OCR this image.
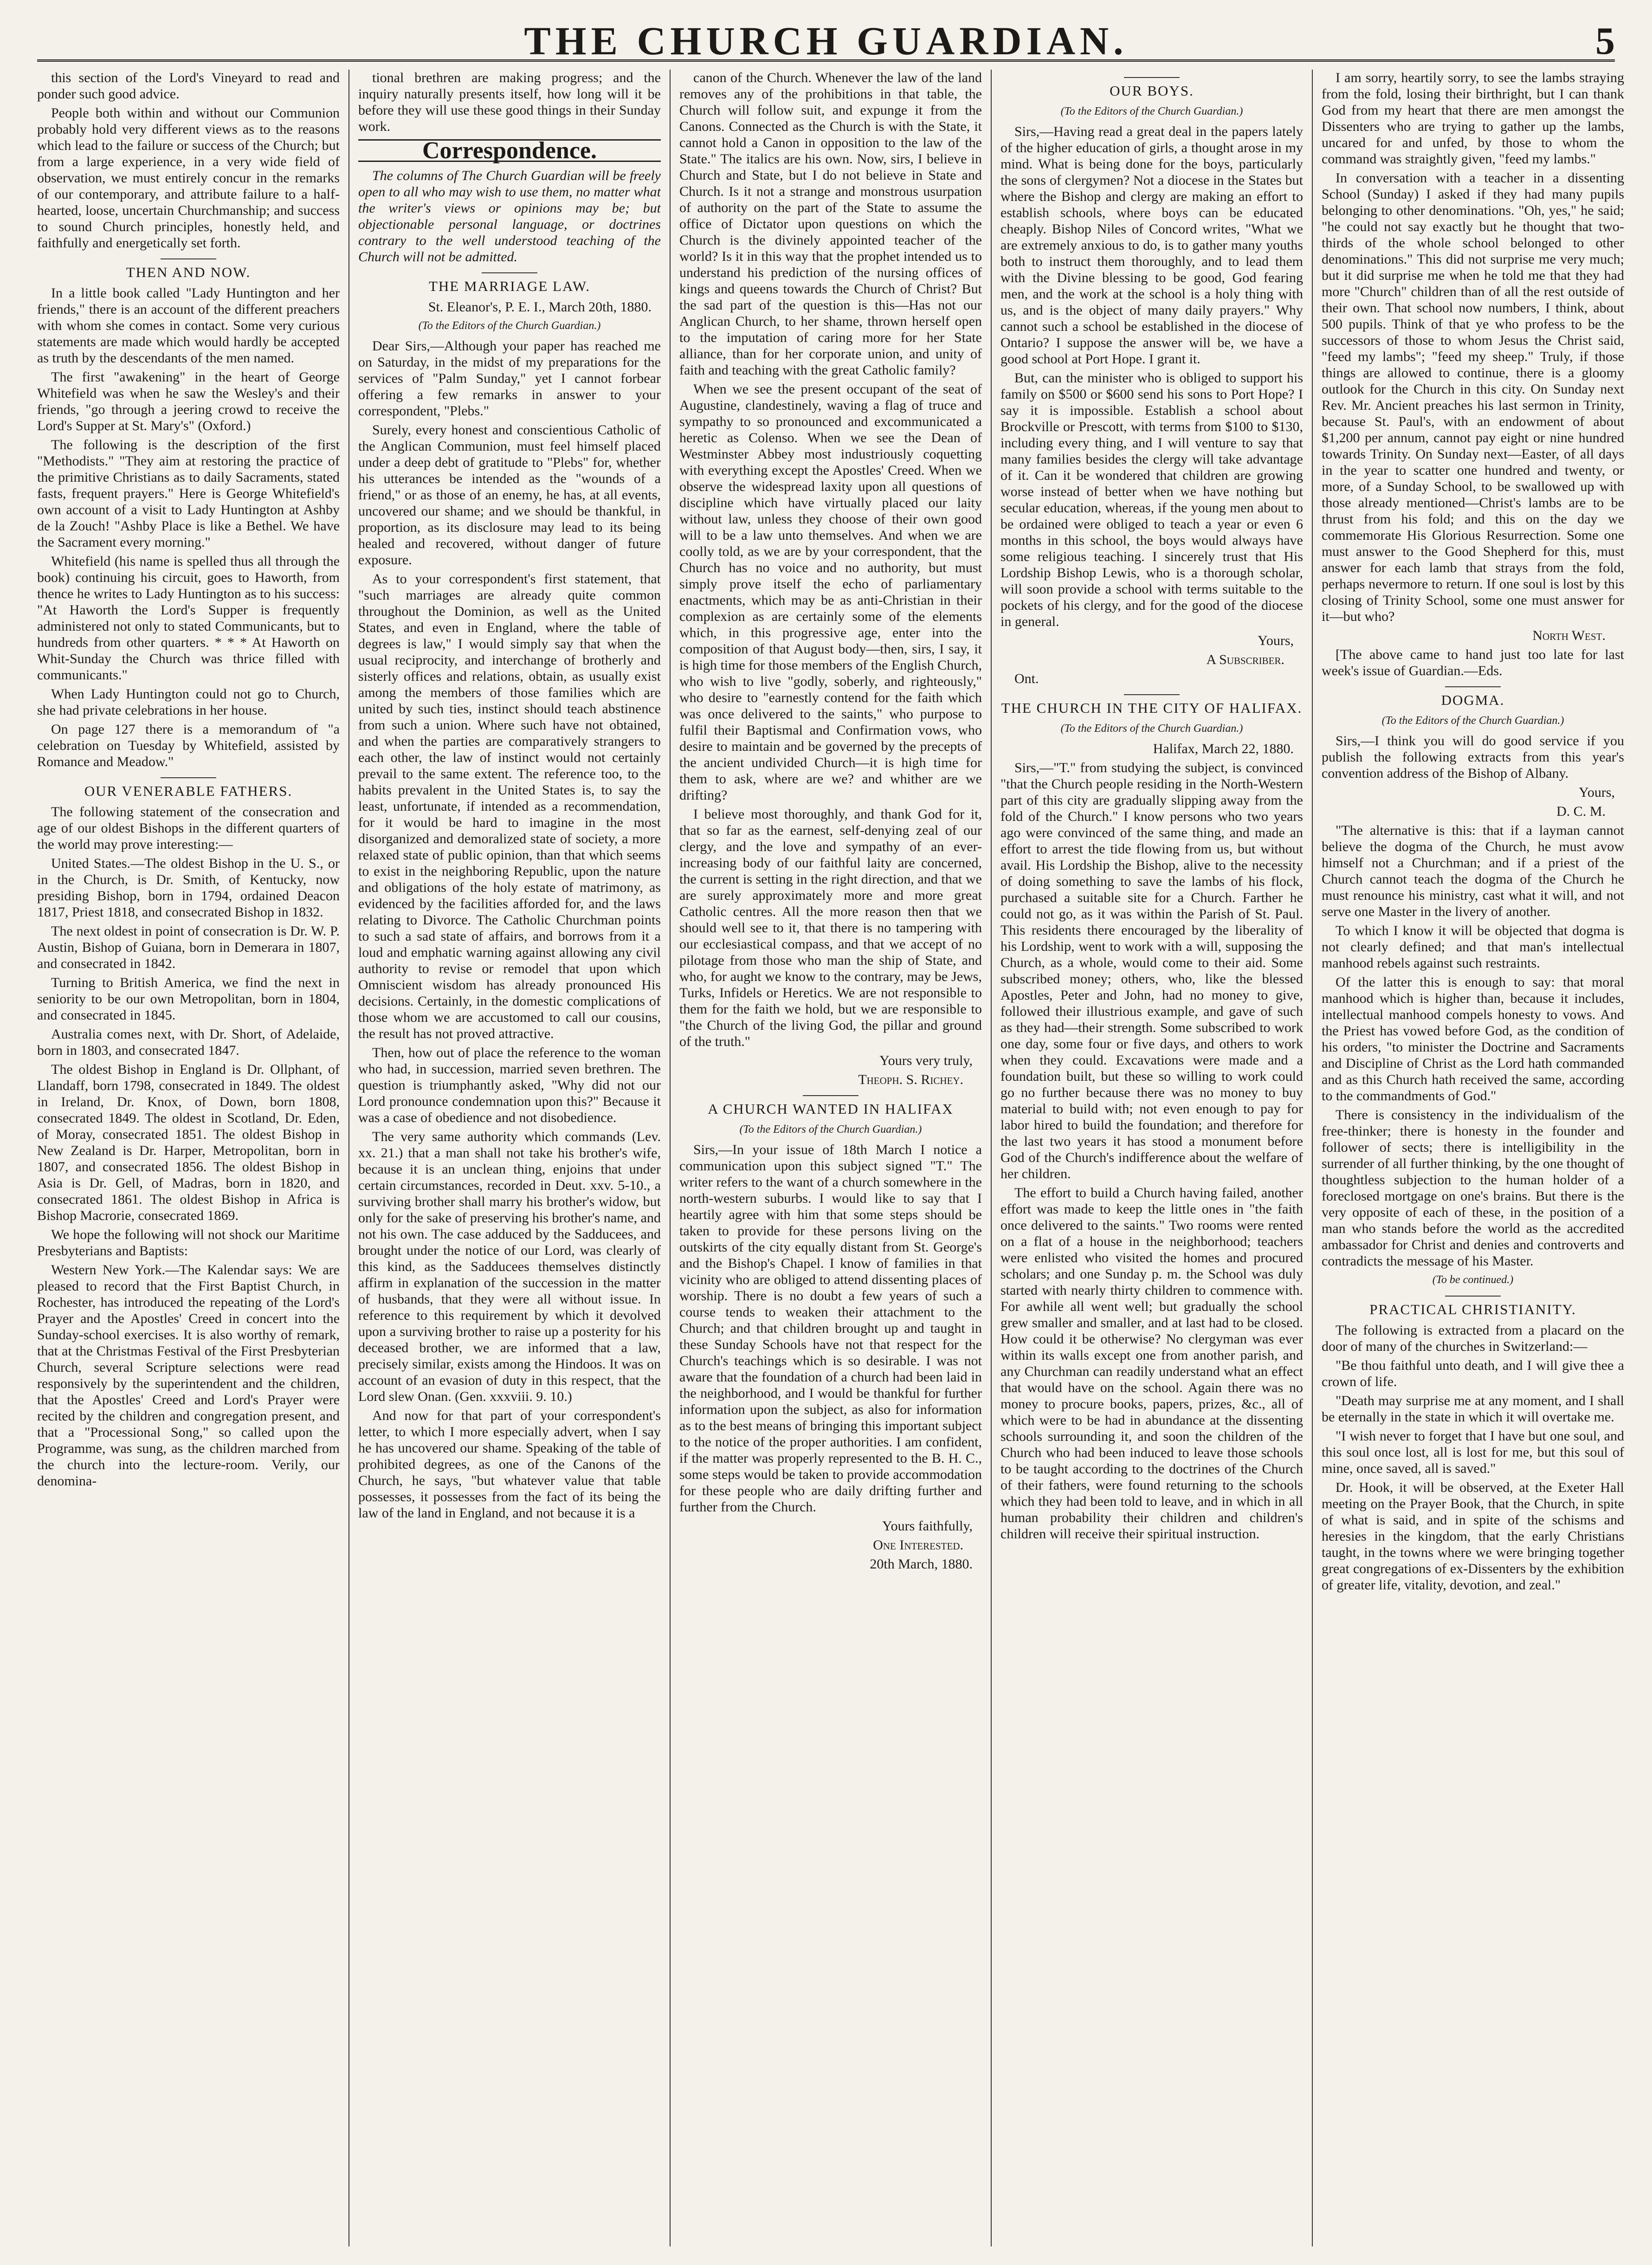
THE CHURCH GUARDIAN.	5

this section of the Lord's Vineyard to read and ponder such good advice.

People both within and without our Communion probably hold very different views as to the reasons which lead to the failure or success of the Church; but from a large experience, in a very wide field of observation, we must entirely concur in the remarks of our contemporary, and attribute failure to a half-hearted, loose, uncertain Churchmanship; and success to sound Church principles, honestly held, and faithfully and energetically set forth.

THEN AND NOW.

In a little book called "Lady Huntington and her friends," there is an account of the different preachers with whom she comes in contact. Some very curious statements are made which would hardly be accepted as truth by the descendants of the men named.

The first "awakening" in the heart of George Whitefield was when he saw the Wesley's and their friends, "go through a jeering crowd to receive the Lord's Supper at St. Mary's" (Oxford.)

The following is the description of the first "Methodists." "They aim at restoring the practice of the primitive Christians as to daily Sacraments, stated fasts, frequent prayers." Here is George Whitefield's own account of a visit to Lady Huntington at Ashby de la Zouch! "Ashby Place is like a Bethel. We have the Sacrament every morning."

Whitefield (his name is spelled thus all through the book) continuing his circuit, goes to Haworth, from thence he writes to Lady Huntington as to his success: "At Haworth the Lord's Supper is frequently administered not only to stated Communicants, but to hundreds from other quarters. * * * At Haworth on Whit-Sunday the Church was thrice filled with communicants."

When Lady Huntington could not go to Church, she had private celebrations in her house.

On page 127 there is a memorandum of "a celebration on Tuesday by Whitefield, assisted by Romance and Meadow."

OUR VENERABLE FATHERS.

The following statement of the consecration and age of our oldest Bishops in the different quarters of the world may prove interesting:—

United States.—The oldest Bishop in the U. S., or in the Church, is Dr. Smith, of Kentucky, now presiding Bishop, born in 1794, ordained Deacon 1817, Priest 1818, and consecrated Bishop in 1832.

The next oldest in point of consecration is Dr. W. P. Austin, Bishop of Guiana, born in Demerara in 1807, and consecrated in 1842.

Turning to British America, we find the next in seniority to be our own Metropolitan, born in 1804, and consecrated in 1845.

Australia comes next, with Dr. Short, of Adelaide, born in 1803, and consecrated 1847.

The oldest Bishop in England is Dr. Ollphant, of Llandaff, born 1798, consecrated in 1849. The oldest in Ireland, Dr. Knox, of Down, born 1808, consecrated 1849. The oldest in Scotland, Dr. Eden, of Moray, consecrated 1851. The oldest Bishop in New Zealand is Dr. Harper, Metropolitan, born in 1807, and consecrated 1856. The oldest Bishop in Asia is Dr. Gell, of Madras, born in 1820, and consecrated 1861. The oldest Bishop in Africa is Bishop Macrorie, consecrated 1869.

We hope the following will not shock our Maritime Presbyterians and Baptists:

Western New York.—The Kalendar says: We are pleased to record that the First Baptist Church, in Rochester, has introduced the repeating of the Lord's Prayer and the Apostles' Creed in concert into the Sunday-school exercises. It is also worthy of remark, that at the Christmas Festival of the First Presbyterian Church, several Scripture selections were read responsively by the superintendent and the children, that the Apostles' Creed and Lord's Prayer were recited by the children and congregation present, and that a "Processional Song," so called upon the Programme, was sung, as the children marched from the church into the lecture-room. Verily, our denomina-

tional brethren are making progress; and the inquiry naturally presents itself, how long will it be before they will use these good things in their Sunday work.

Correspondence.

The columns of The Church Guardian will be freely open to all who may wish to use them, no matter what the writer's views or opinions may be; but objectionable personal language, or doctrines contrary to the well understood teaching of the Church will not be admitted.

THE MARRIAGE LAW.

St. Eleanor's, P. E. I., March 20th, 1880.

(To the Editors of the Church Guardian.)

Dear Sirs,—Although your paper has reached me on Saturday, in the midst of my preparations for the services of "Palm Sunday," yet I cannot forbear offering a few remarks in answer to your correspondent, "Plebs."

Surely, every honest and conscientious Catholic of the Anglican Communion, must feel himself placed under a deep debt of gratitude to "Plebs" for, whether his utterances be intended as the "wounds of a friend," or as those of an enemy, he has, at all events, uncovered our shame; and we should be thankful, in proportion, as its disclosure may lead to its being healed and recovered, without danger of future exposure.

As to your correspondent's first statement, that "such marriages are already quite common throughout the Dominion, as well as the United States, and even in England, where the table of degrees is law," I would simply say that when the usual reciprocity, and interchange of brotherly and sisterly offices and relations, obtain, as usually exist among the members of those families which are united by such ties, instinct should teach abstinence from such a union. Where such have not obtained, and when the parties are comparatively strangers to each other, the law of instinct would not certainly prevail to the same extent. The reference too, to the habits prevalent in the United States is, to say the least, unfortunate, if intended as a recommendation, for it would be hard to imagine in the most disorganized and demoralized state of society, a more relaxed state of public opinion, than that which seems to exist in the neighboring Republic, upon the nature and obligations of the holy estate of matrimony, as evidenced by the facilities afforded for, and the laws relating to Divorce. The Catholic Churchman points to such a sad state of affairs, and borrows from it a loud and emphatic warning against allowing any civil authority to revise or remodel that upon which Omniscient wisdom has already pronounced His decisions. Certainly, in the domestic complications of those whom we are accustomed to call our cousins, the result has not proved attractive.

Then, how out of place the reference to the woman who had, in succession, married seven brethren. The question is triumphantly asked, "Why did not our Lord pronounce condemnation upon this?" Because it was a case of obedience and not disobedience.

The very same authority which commands (Lev. xx. 21.) that a man shall not take his brother's wife, because it is an unclean thing, enjoins that under certain circumstances, recorded in Deut. xxv. 5-10., a surviving brother shall marry his brother's widow, but only for the sake of preserving his brother's name, and not his own. The case adduced by the Sadducees, and brought under the notice of our Lord, was clearly of this kind, as the Sadducees themselves distinctly affirm in explanation of the succession in the matter of husbands, that they were all without issue. In reference to this requirement by which it devolved upon a surviving brother to raise up a posterity for his deceased brother, we are informed that a law, precisely similar, exists among the Hindoos. It was on account of an evasion of duty in this respect, that the Lord slew Onan. (Gen. xxxviii. 9. 10.)

And now for that part of your correspondent's letter, to which I more especially advert, when I say he has uncovered our shame. Speaking of the table of prohibited degrees, as one of the Canons of the Church, he says, "but whatever value that table possesses, it possesses from the fact of its being the law of the land in England, and not because it is a

canon of the Church. Whenever the law of the land removes any of the prohibitions in that table, the Church will follow suit, and expunge it from the Canons. Connected as the Church is with the State, it cannot hold a Canon in opposition to the law of the State." The italics are his own. Now, sirs, I believe in Church and State, but I do not believe in State and Church. Is it not a strange and monstrous usurpation of authority on the part of the State to assume the office of Dictator upon questions on which the Church is the divinely appointed teacher of the world? Is it in this way that the prophet intended us to understand his prediction of the nursing offices of kings and queens towards the Church of Christ? But the sad part of the question is this—Has not our Anglican Church, to her shame, thrown herself open to the imputation of caring more for her State alliance, than for her corporate union, and unity of faith and teaching with the great Catholic family?

When we see the present occupant of the seat of Augustine, clandestinely, waving a flag of truce and sympathy to so pronounced and excommunicated a heretic as Colenso. When we see the Dean of Westminster Abbey most industriously coquetting with everything except the Apostles' Creed. When we observe the widespread laxity upon all questions of discipline which have virtually placed our laity without law, unless they choose of their own good will to be a law unto themselves. And when we are coolly told, as we are by your correspondent, that the Church has no voice and no authority, but must simply prove itself the echo of parliamentary enactments, which may be as anti-Christian in their complexion as are certainly some of the elements which, in this progressive age, enter into the composition of that August body—then, sirs, I say, it is high time for those members of the English Church, who wish to live "godly, soberly, and righteously," who desire to "earnestly contend for the faith which was once delivered to the saints," who purpose to fulfil their Baptismal and Confirmation vows, who desire to maintain and be governed by the precepts of the ancient undivided Church—it is high time for them to ask, where are we? and whither are we drifting?

I believe most thoroughly, and thank God for it, that so far as the earnest, self-denying zeal of our clergy, and the love and sympathy of an ever-increasing body of our faithful laity are concerned, the current is setting in the right direction, and that we are surely approximately more and more great Catholic centres. All the more reason then that we should well see to it, that there is no tampering with our ecclesiastical compass, and that we accept of no pilotage from those who man the ship of State, and who, for aught we know to the contrary, may be Jews, Turks, Infidels or Heretics. We are not responsible to them for the faith we hold, but we are responsible to "the Church of the living God, the pillar and ground of the truth."

Yours very truly,

Theoph. S. Richey.

A CHURCH WANTED IN HALIFAX

(To the Editors of the Church Guardian.)

Sirs,—In your issue of 18th March I notice a communication upon this subject signed "T." The writer refers to the want of a church somewhere in the north-western suburbs. I would like to say that I heartily agree with him that some steps should be taken to provide for these persons living on the outskirts of the city equally distant from St. George's and the Bishop's Chapel. I know of families in that vicinity who are obliged to attend dissenting places of worship. There is no doubt a few years of such a course tends to weaken their attachment to the Church; and that children brought up and taught in these Sunday Schools have not that respect for the Church's teachings which is so desirable. I was not aware that the foundation of a church had been laid in the neighborhood, and I would be thankful for further information upon the subject, as also for information as to the best means of bringing this important subject to the notice of the proper authorities. I am confident, if the matter was properly represented to the B. H. C., some steps would be taken to provide accommodation for these people who are daily drifting further and further from the Church.

Yours faithfully,

One Interested.

20th March, 1880.

OUR BOYS.

(To the Editors of the Church Guardian.)

Sirs,—Having read a great deal in the papers lately of the higher education of girls, a thought arose in my mind. What is being done for the boys, particularly the sons of clergymen? Not a diocese in the States but where the Bishop and clergy are making an effort to establish schools, where boys can be educated cheaply. Bishop Niles of Concord writes, "What we are extremely anxious to do, is to gather many youths both to instruct them thoroughly, and to lead them with the Divine blessing to be good, God fearing men, and the work at the school is a holy thing with us, and is the object of many daily prayers." Why cannot such a school be established in the diocese of Ontario? I suppose the answer will be, we have a good school at Port Hope. I grant it.

But, can the minister who is obliged to support his family on $500 or $600 send his sons to Port Hope? I say it is impossible. Establish a school about Brockville or Prescott, with terms from $100 to $130, including every thing, and I will venture to say that many families besides the clergy will take advantage of it. Can it be wondered that children are growing worse instead of better when we have nothing but secular education, whereas, if the young men about to be ordained were obliged to teach a year or even 6 months in this school, the boys would always have some religious teaching. I sincerely trust that His Lordship Bishop Lewis, who is a thorough scholar, will soon provide a school with terms suitable to the pockets of his clergy, and for the good of the diocese in general.

Yours,

A Subscriber.

Ont.

THE CHURCH IN THE CITY OF HALIFAX.

(To the Editors of the Church Guardian.)

Halifax, March 22, 1880.

Sirs,—"T." from studying the subject, is convinced "that the Church people residing in the North-Western part of this city are gradually slipping away from the fold of the Church." I know persons who two years ago were convinced of the same thing, and made an effort to arrest the tide flowing from us, but without avail. His Lordship the Bishop, alive to the necessity of doing something to save the lambs of his flock, purchased a suitable site for a Church. Farther he could not go, as it was within the Parish of St. Paul. This residents there encouraged by the liberality of his Lordship, went to work with a will, supposing the Church, as a whole, would come to their aid. Some subscribed money; others, who, like the blessed Apostles, Peter and John, had no money to give, followed their illustrious example, and gave of such as they had—their strength. Some subscribed to work one day, some four or five days, and others to work when they could. Excavations were made and a foundation built, but these so willing to work could go no further because there was no money to buy material to build with; not even enough to pay for labor hired to build the foundation; and therefore for the last two years it has stood a monument before God of the Church's indifference about the welfare of her children.

The effort to build a Church having failed, another effort was made to keep the little ones in "the faith once delivered to the saints." Two rooms were rented on a flat of a house in the neighborhood; teachers were enlisted who visited the homes and procured scholars; and one Sunday p. m. the School was duly started with nearly thirty children to commence with. For awhile all went well; but gradually the school grew smaller and smaller, and at last had to be closed. How could it be otherwise? No clergyman was ever within its walls except one from another parish, and any Churchman can readily understand what an effect that would have on the school. Again there was no money to procure books, papers, prizes, &c., all of which were to be had in abundance at the dissenting schools surrounding it, and soon the children of the Church who had been induced to leave those schools to be taught according to the doctrines of the Church of their fathers, were found returning to the schools which they had been told to leave, and in which in all human probability their children and children's children will receive their spiritual instruction.

I am sorry, heartily sorry, to see the lambs straying from the fold, losing their birthright, but I can thank God from my heart that there are men amongst the Dissenters who are trying to gather up the lambs, uncared for and unfed, by those to whom the command was straightly given, "feed my lambs."

In conversation with a teacher in a dissenting School (Sunday) I asked if they had many pupils belonging to other denominations. "Oh, yes," he said; "he could not say exactly but he thought that two-thirds of the whole school belonged to other denominations." This did not surprise me very much; but it did surprise me when he told me that they had more "Church" children than of all the rest outside of their own. That school now numbers, I think, about 500 pupils. Think of that ye who profess to be the successors of those to whom Jesus the Christ said, "feed my lambs"; "feed my sheep." Truly, if those things are allowed to continue, there is a gloomy outlook for the Church in this city. On Sunday next Rev. Mr. Ancient preaches his last sermon in Trinity, because St. Paul's, with an endowment of about $1,200 per annum, cannot pay eight or nine hundred towards Trinity. On Sunday next—Easter, of all days in the year to scatter one hundred and twenty, or more, of a Sunday School, to be swallowed up with those already mentioned—Christ's lambs are to be thrust from his fold; and this on the day we commemorate His Glorious Resurrection. Some one must answer to the Good Shepherd for this, must answer for each lamb that strays from the fold, perhaps nevermore to return. If one soul is lost by this closing of Trinity School, some one must answer for it—but who?

North West.

[The above came to hand just too late for last week's issue of Guardian.—Eds.

DOGMA.

(To the Editors of the Church Guardian.)

Sirs,—I think you will do good service if you publish the following extracts from this year's convention address of the Bishop of Albany.

Yours,

D. C. M.

"The alternative is this: that if a layman cannot believe the dogma of the Church, he must avow himself not a Churchman; and if a priest of the Church cannot teach the dogma of the Church he must renounce his ministry, cast what it will, and not serve one Master in the livery of another.

To which I know it will be objected that dogma is not clearly defined; and that man's intellectual manhood rebels against such restraints.

Of the latter this is enough to say: that moral manhood which is higher than, because it includes, intellectual manhood compels honesty to vows. And the Priest has vowed before God, as the condition of his orders, "to minister the Doctrine and Sacraments and Discipline of Christ as the Lord hath commanded and as this Church hath received the same, according to the commandments of God."

There is consistency in the individualism of the free-thinker; there is honesty in the founder and follower of sects; there is intelligibility in the surrender of all further thinking, by the one thought of thoughtless subjection to the human holder of a foreclosed mortgage on one's brains. But there is the very opposite of each of these, in the position of a man who stands before the world as the accredited ambassador for Christ and denies and controverts and contradicts the message of his Master.

(To be continued.)

PRACTICAL CHRISTIANITY.

The following is extracted from a placard on the door of many of the churches in Switzerland:—

"Be thou faithful unto death, and I will give thee a crown of life.

"Death may surprise me at any moment, and I shall be eternally in the state in which it will overtake me.

"I wish never to forget that I have but one soul, and this soul once lost, all is lost for me, but this soul of mine, once saved, all is saved."

Dr. Hook, it will be observed, at the Exeter Hall meeting on the Prayer Book, that the Church, in spite of what is said, and in spite of the schisms and heresies in the kingdom, that the early Christians taught, in the towns where we were bringing together great congregations of ex-Dissenters by the exhibition of greater life, vitality, devotion, and zeal."
